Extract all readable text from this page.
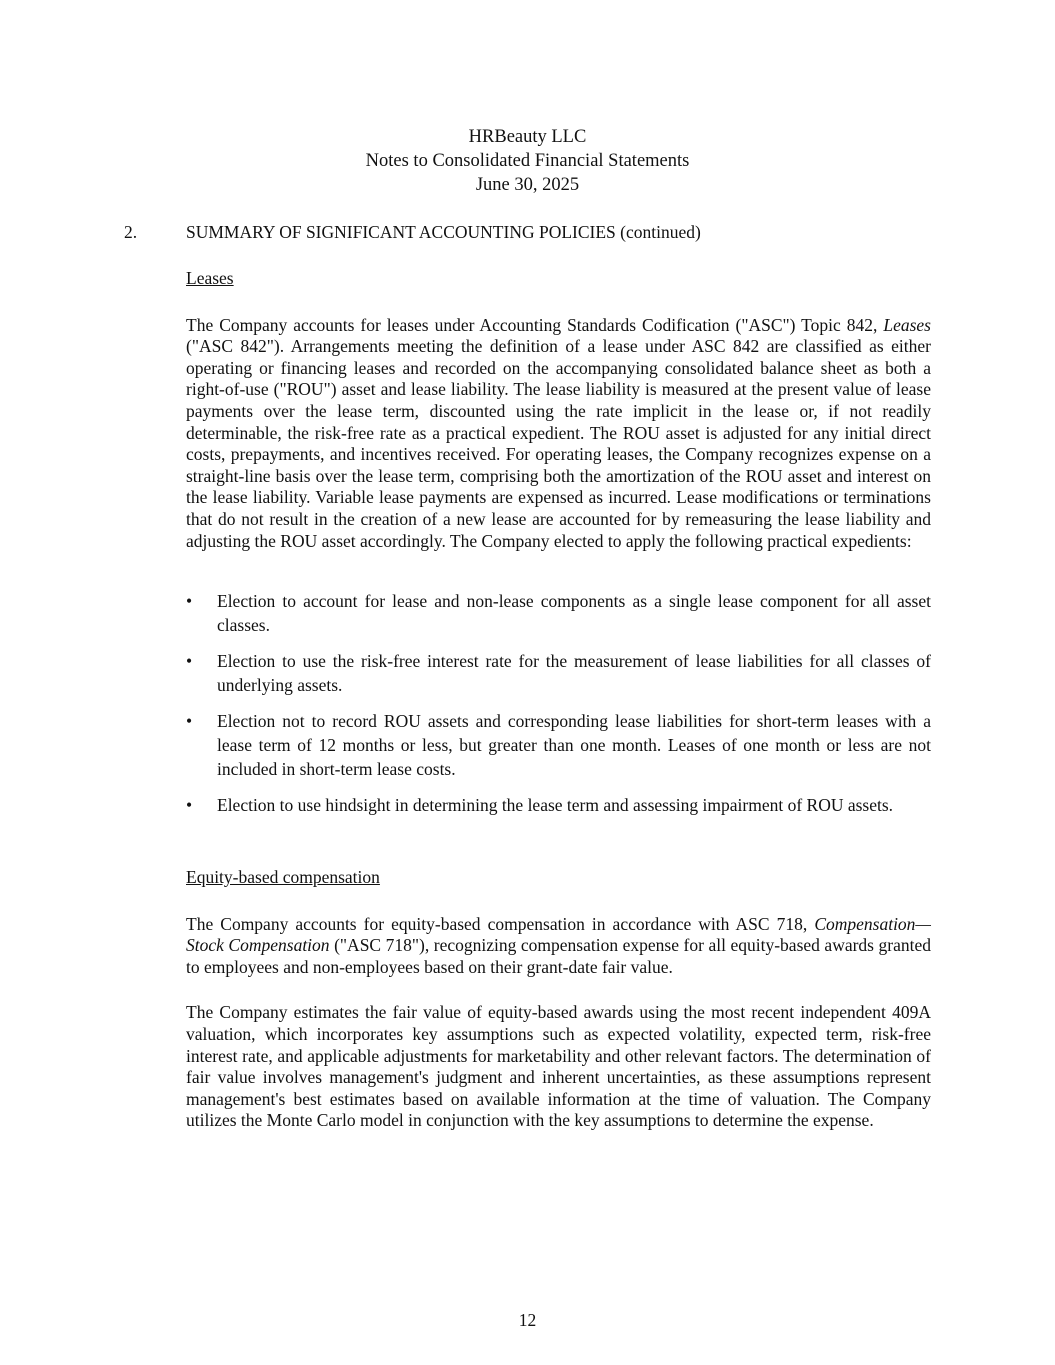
HRBeauty LLC
Notes to Consolidated Financial Statements
June 30, 2025
2.	SUMMARY OF SIGNIFICANT ACCOUNTING POLICIES (continued)
Leases

The Company accounts for leases under Accounting Standards Codification ("ASC") Topic 842, Leases ("ASC 842"). Arrangements meeting the definition of a lease under ASC 842 are classified as either operating or financing leases and recorded on the accompanying consolidated balance sheet as both a right-of-use ("ROU") asset and lease liability. The lease liability is measured at the present value of lease payments over the lease term, discounted using the rate implicit in the lease or, if not readily determinable, the risk-free rate as a practical expedient. The ROU asset is adjusted for any initial direct costs, prepayments, and incentives received. For operating leases, the Company recognizes expense on a straight-line basis over the lease term, comprising both the amortization of the ROU asset and interest on the lease liability. Variable lease payments are expensed as incurred. Lease modifications or terminations that do not result in the creation of a new lease are accounted for by remeasuring the lease liability and adjusting the ROU asset accordingly. The Company elected to apply the following practical expedients:

• Election to account for lease and non-lease components as a single lease component for all asset classes.
• Election to use the risk-free interest rate for the measurement of lease liabilities for all classes of underlying assets.
• Election not to record ROU assets and corresponding lease liabilities for short-term leases with a lease term of 12 months or less, but greater than one month. Leases of one month or less are not included in short-term lease costs.
• Election to use hindsight in determining the lease term and assessing impairment of ROU assets.
Equity-based compensation

The Company accounts for equity-based compensation in accordance with ASC 718, Compensation—Stock Compensation ("ASC 718"), recognizing compensation expense for all equity-based awards granted to employees and non-employees based on their grant-date fair value.

The Company estimates the fair value of equity-based awards using the most recent independent 409A valuation, which incorporates key assumptions such as expected volatility, expected term, risk-free interest rate, and applicable adjustments for marketability and other relevant factors. The determination of fair value involves management's judgment and inherent uncertainties, as these assumptions represent management's best estimates based on available information at the time of valuation. The Company utilizes the Monte Carlo model in conjunction with the key assumptions to determine the expense.

12
